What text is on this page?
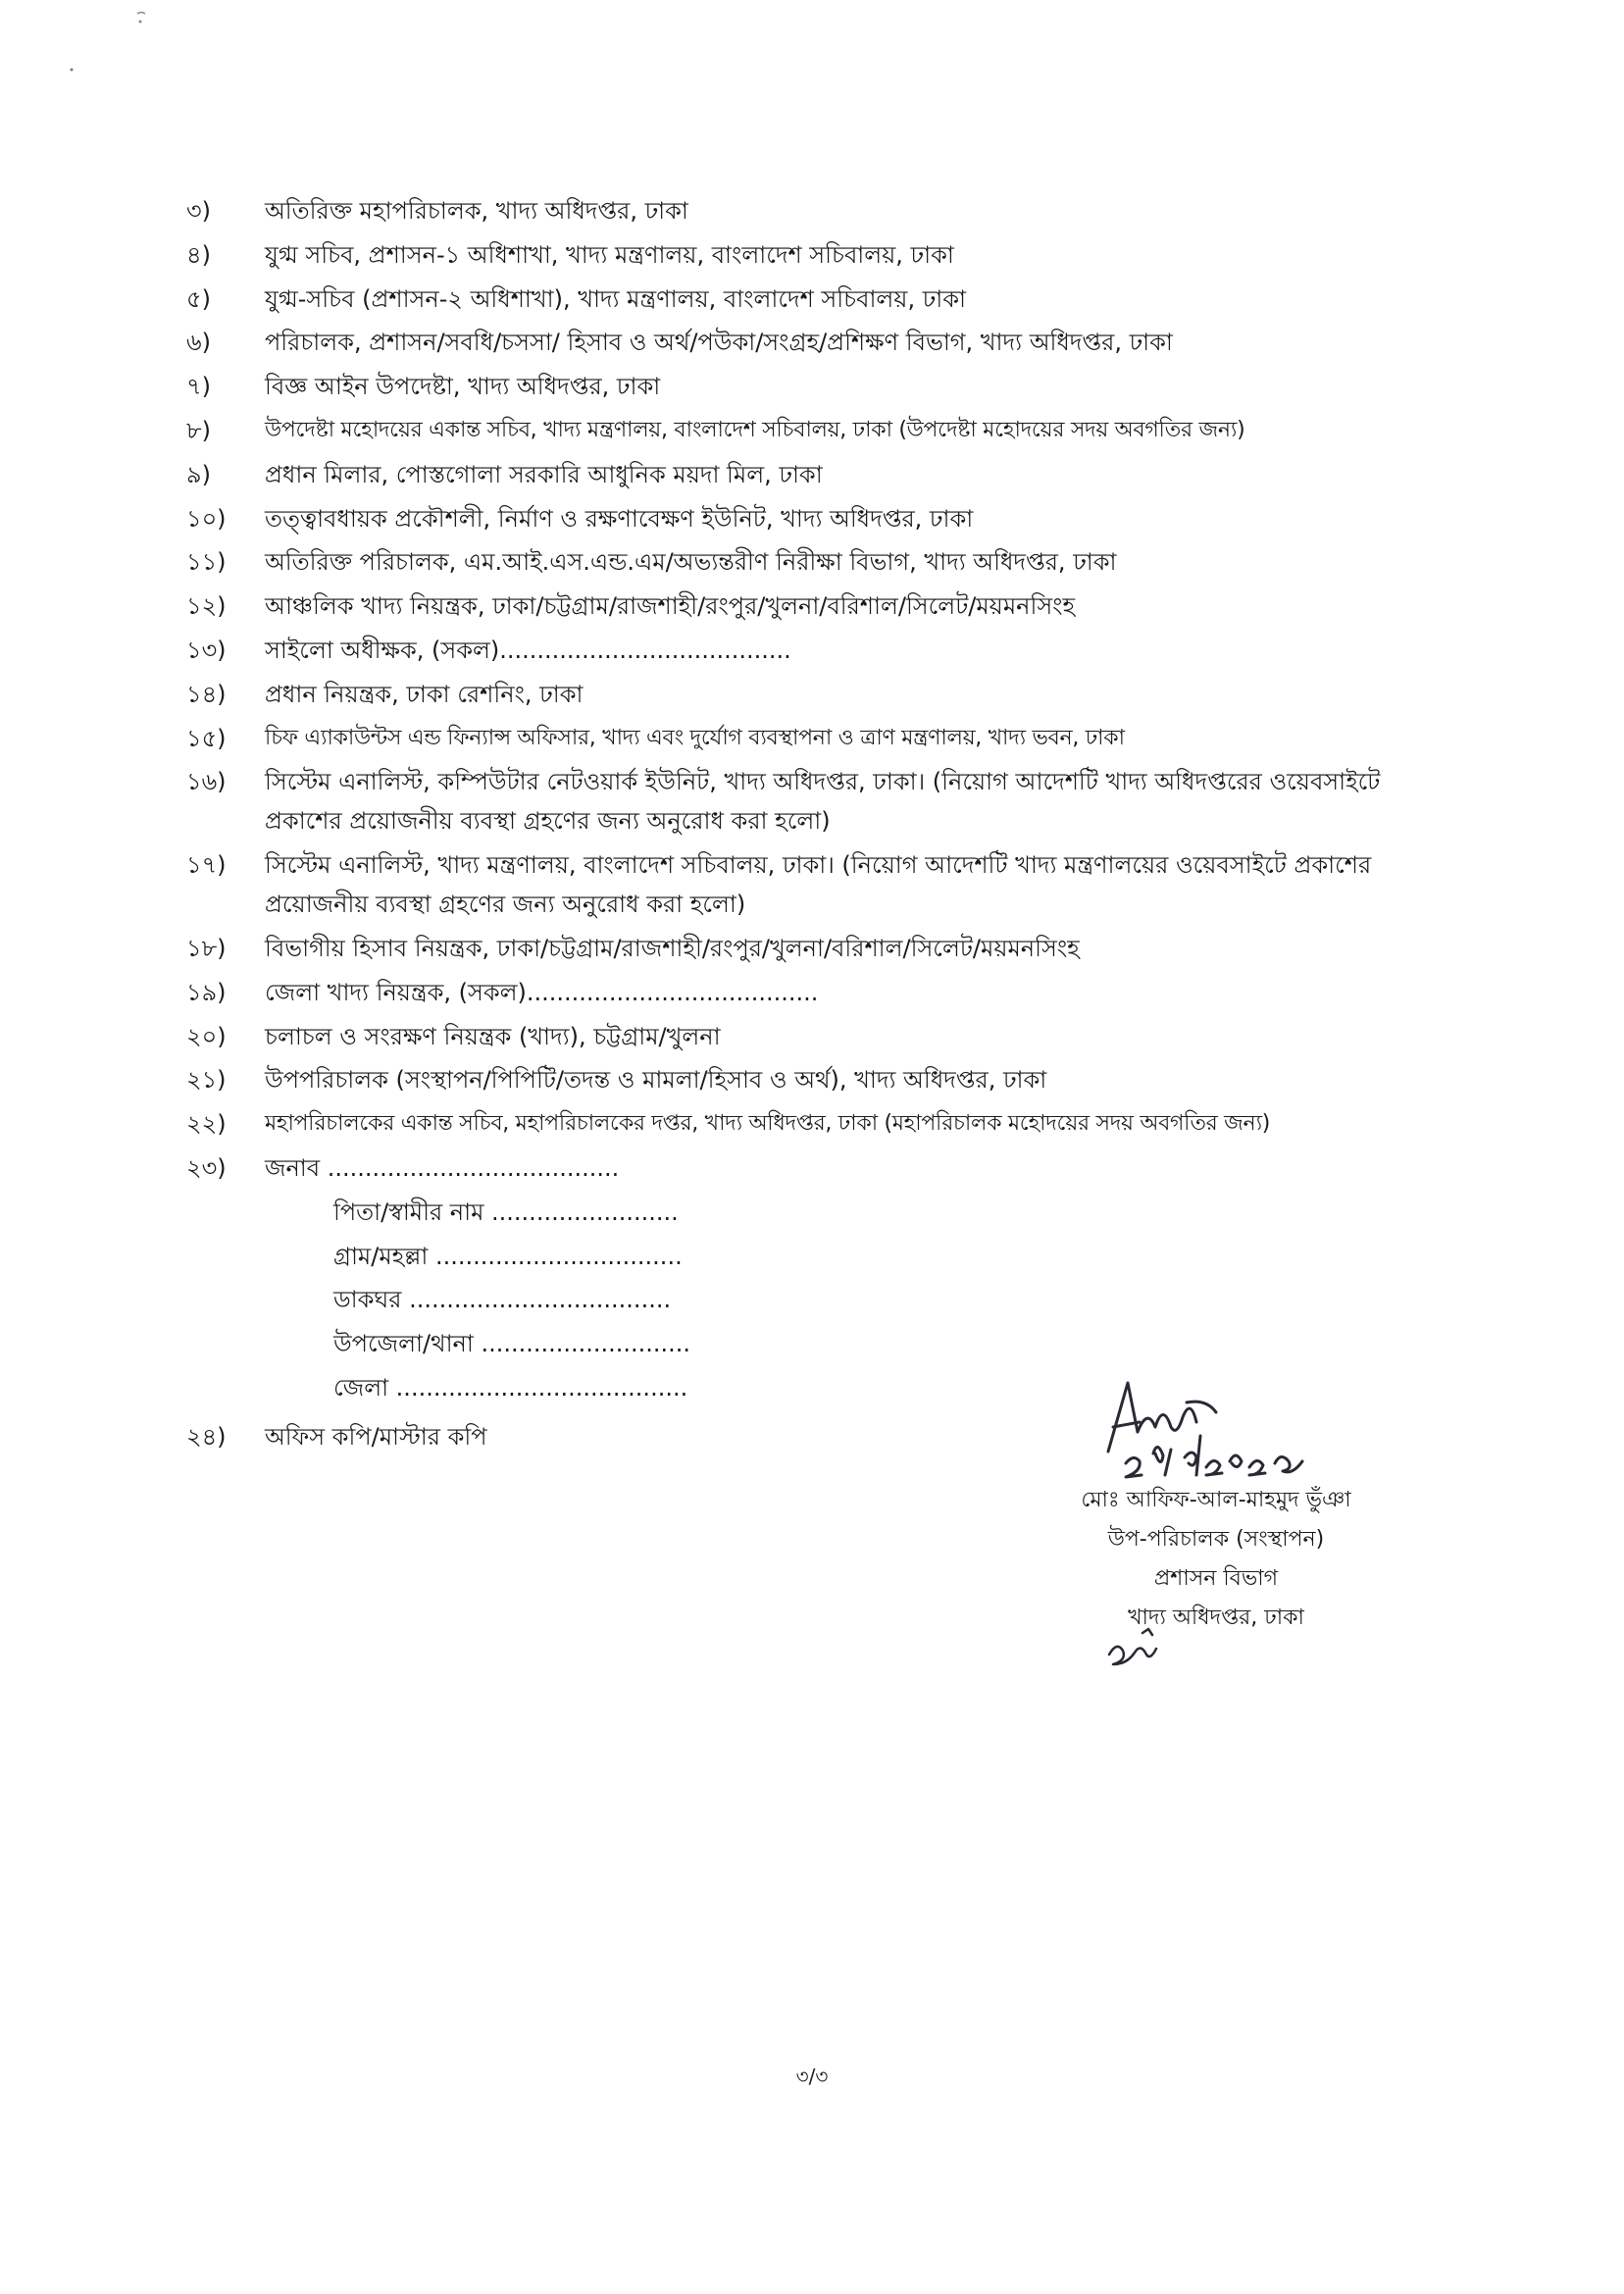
৩)	অতিরিক্ত মহাপরিচালক, খাদ্য অধিদপ্তর, ঢাকা
৪)	যুগ্ম সচিব, প্রশাসন-১ অধিশাখা, খাদ্য মন্ত্রণালয়, বাংলাদেশ সচিবালয়, ঢাকা
৫)	যুগ্ম-সচিব (প্রশাসন-২ অধিশাখা), খাদ্য মন্ত্রণালয়, বাংলাদেশ সচিবালয়, ঢাকা
৬)	পরিচালক, প্রশাসন/সবধি/চসসা/ হিসাব ও অর্থ/পউকা/সংগ্রহ/প্রশিক্ষণ বিভাগ, খাদ্য অধিদপ্তর, ঢাকা
৭)	বিজ্ঞ আইন উপদেষ্টা, খাদ্য অধিদপ্তর, ঢাকা
৮)	উপদেষ্টা মহোদয়ের একান্ত সচিব, খাদ্য মন্ত্রণালয়, বাংলাদেশ সচিবালয়, ঢাকা (উপদেষ্টা মহোদয়ের সদয় অবগতির জন্য)
৯)	প্রধান মিলার, পোস্তগোলা সরকারি আধুনিক ময়দা মিল, ঢাকা
১০)	তত্ত্বাবধায়ক প্রকৌশলী, নির্মাণ ও রক্ষণাবেক্ষণ ইউনিট, খাদ্য অধিদপ্তর, ঢাকা
১১)	অতিরিক্ত পরিচালক, এম.আই.এস.এন্ড.এম/অভ্যন্তরীণ নিরীক্ষা বিভাগ, খাদ্য অধিদপ্তর, ঢাকা
১২)	আঞ্চলিক খাদ্য নিয়ন্ত্রক, ঢাকা/চট্টগ্রাম/রাজশাহী/রংপুর/খুলনা/বরিশাল/সিলেট/ময়মনসিংহ
১৩)	সাইলো অধীক্ষক, (সকল).......................................
১৪)	প্রধান নিয়ন্ত্রক, ঢাকা রেশনিং, ঢাকা
১৫)	চিফ এ্যাকাউন্টস এন্ড ফিন্যান্স অফিসার, খাদ্য এবং দুর্যোগ ব্যবস্থাপনা ও ত্রাণ মন্ত্রণালয়, খাদ্য ভবন, ঢাকা
১৬)	সিস্টেম এনালিস্ট, কম্পিউটার নেটওয়ার্ক ইউনিট, খাদ্য অধিদপ্তর, ঢাকা। (নিয়োগ আদেশটি খাদ্য অধিদপ্তরের ওয়েবসাইটে প্রকাশের প্রয়োজনীয় ব্যবস্থা গ্রহণের জন্য অনুরোধ করা হলো)
১৭)	সিস্টেম এনালিস্ট, খাদ্য মন্ত্রণালয়, বাংলাদেশ সচিবালয়, ঢাকা। (নিয়োগ আদেশটি খাদ্য মন্ত্রণালয়ের ওয়েবসাইটে প্রকাশের প্রয়োজনীয় ব্যবস্থা গ্রহণের জন্য অনুরোধ করা হলো)
১৮)	বিভাগীয় হিসাব নিয়ন্ত্রক, ঢাকা/চট্টগ্রাম/রাজশাহী/রংপুর/খুলনা/বরিশাল/সিলেট/ময়মনসিংহ
১৯)	জেলা খাদ্য নিয়ন্ত্রক, (সকল).......................................
২০)	চলাচল ও সংরক্ষণ নিয়ন্ত্রক (খাদ্য), চট্টগ্রাম/খুলনা
২১)	উপপরিচালক (সংস্থাপন/পিপিটি/তদন্ত ও মামলা/হিসাব ও অর্থ), খাদ্য অধিদপ্তর, ঢাকা
২২)	মহাপরিচালকের একান্ত সচিব, মহাপরিচালকের দপ্তর, খাদ্য অধিদপ্তর, ঢাকা (মহাপরিচালক মহোদয়ের সদয় অবগতির জন্য)
২৩)	জনাব .......................................
পিতা/স্বামীর নাম .........................
গ্রাম/মহল্লা .................................
ডাকঘর ...................................
উপজেলা/থানা ............................
জেলা .......................................
২৪)	অফিস কপি/মাস্টার কপি
মোঃ আফিফ-আল-মাহমুদ ভুঁঞা
উপ-পরিচালক (সংস্থাপন)
প্রশাসন বিভাগ
খাদ্য অধিদপ্তর, ঢাকা
৩/৩
